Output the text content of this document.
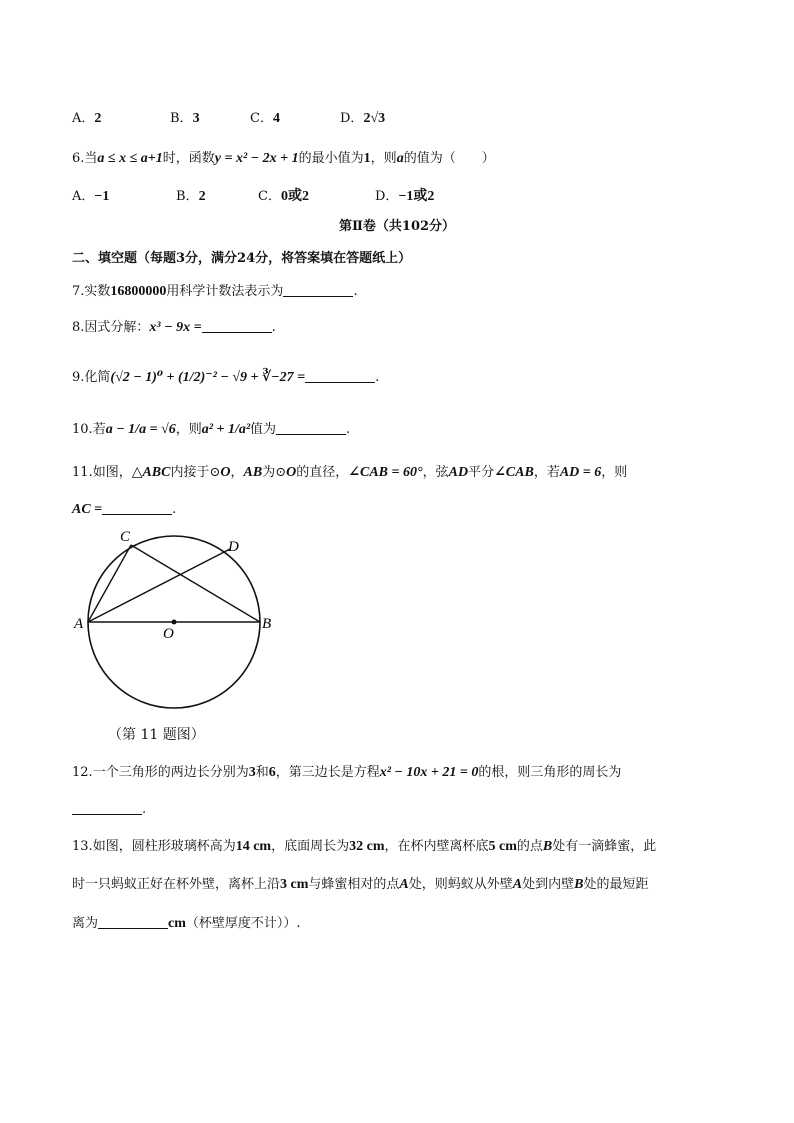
A．2	B．3	C．4	D．2√3
6.当a ≤ x ≤ a+1时，函数y = x² − 2x + 1的最小值为1，则a的值为（　　）
A．−1	B．2	C．0或2	D．−1或2
第Ⅱ卷（共102分）
二、填空题（每题3分，满分24分，将答案填在答题纸上）
7.实数16800000用科学计数法表示为	.
8.因式分解：x³ − 9x =	.
9.化简(√2 − 1)⁰ + (1/2)⁻² − √9 + ∛−27 =	.
10.若a − 1/a = √6，则a² + 1/a²值为	.
11.如图，△ABC内接于⊙O，AB为⊙O的直径，∠CAB = 60°，弦AD平分∠CAB，若AD = 6，则
AC =	.
C
D
A	B
O
（第 11 题图）
12.一个三角形的两边长分别为3和6，第三边长是方程x² − 10x + 21 = 0的根，则三角形的周长为
.
13.如图，圆柱形玻璃杯高为14 cm，底面周长为32 cm，在杯内壁离杯底5 cm的点B处有一滴蜂蜜，此
时一只蚂蚁正好在杯外壁，离杯上沿3 cm与蜂蜜相对的点A处，则蚂蚁从外壁A处到内壁B处的最短距
离为	cm（杯壁厚度不计））.
